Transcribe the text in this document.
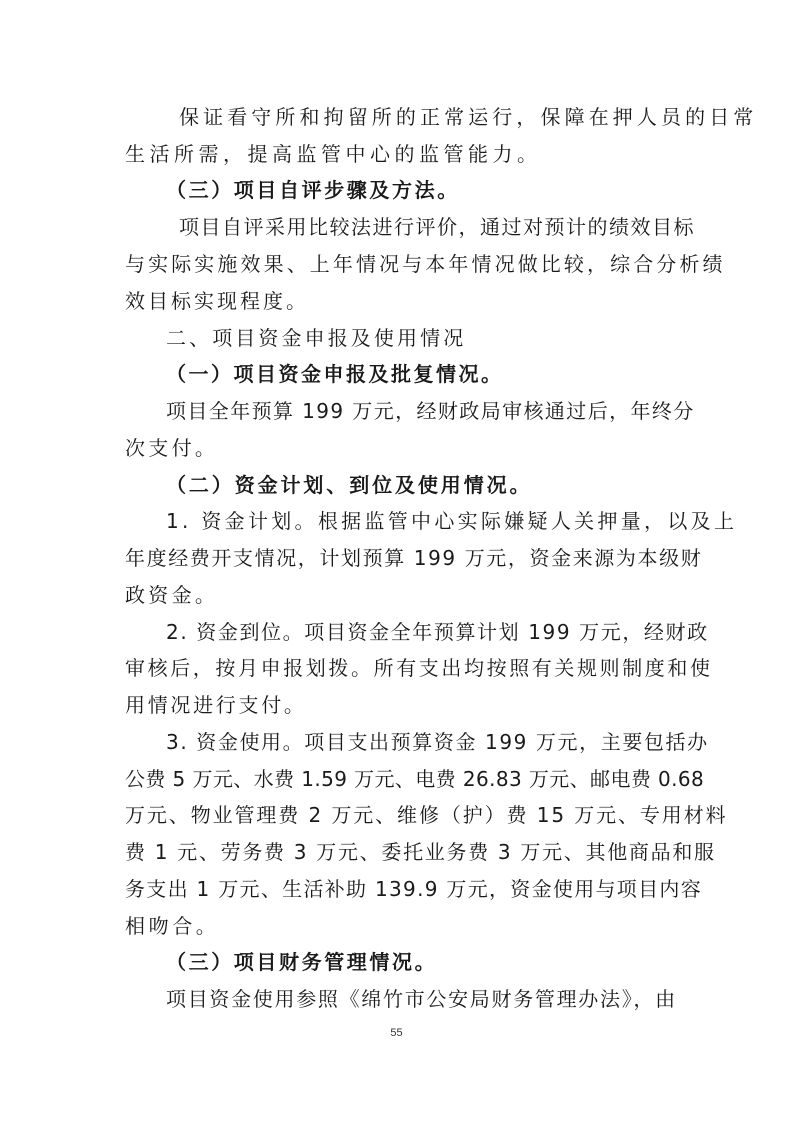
保证看守所和拘留所的正常运行，保障在押人员的日常
生活所需，提高监管中心的监管能力。
（三）项目自评步骤及方法。
项目自评采用比较法进行评价，通过对预计的绩效目标
与实际实施效果、上年情况与本年情况做比较，综合分析绩
效目标实现程度。
二、项目资金申报及使用情况
（一）项目资金申报及批复情况。
项目全年预算 199 万元，经财政局审核通过后，年终分
次支付。
（二）资金计划、到位及使用情况。
1. 资金计划。根据监管中心实际嫌疑人关押量，以及上
年度经费开支情况，计划预算 199 万元，资金来源为本级财
政资金。
2. 资金到位。项目资金全年预算计划 199 万元，经财政
审核后，按月申报划拨。所有支出均按照有关规则制度和使
用情况进行支付。
3. 资金使用。项目支出预算资金 199 万元，主要包括办
公费 5 万元、水费 1.59 万元、电费 26.83 万元、邮电费 0.68
万元、物业管理费 2 万元、维修（护）费 15 万元、专用材料
费 1 元、劳务费 3 万元、委托业务费 3 万元、其他商品和服
务支出 1 万元、生活补助 139.9 万元，资金使用与项目内容
相吻合。
（三）项目财务管理情况。
项目资金使用参照《绵竹市公安局财务管理办法》，由
55
